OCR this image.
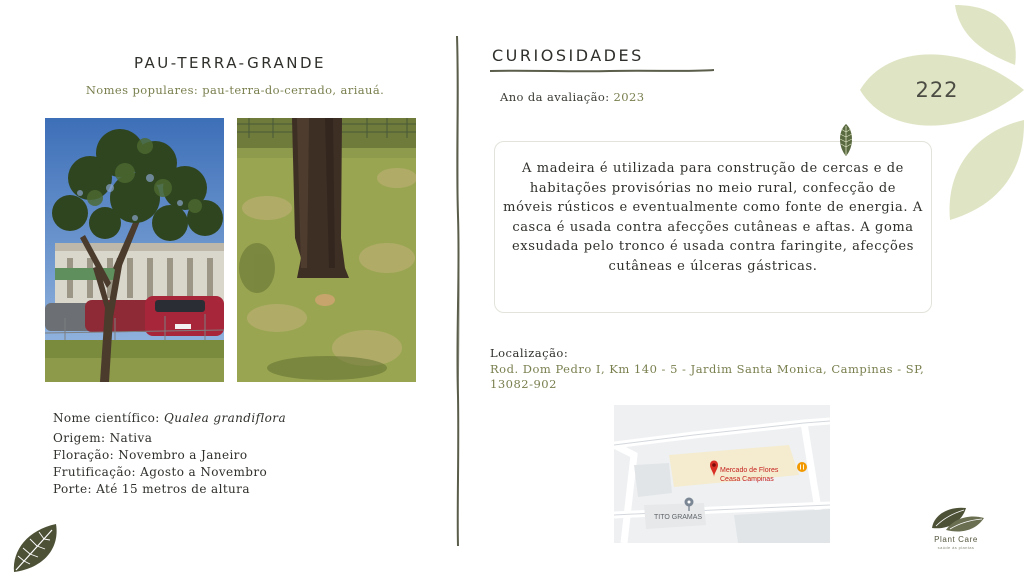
PAU-TERRA-GRANDE
Nomes populares: pau-terra-do-cerrado, ariauá.
Nome científico: Qualea grandiflora
Origem: Nativa
Floração: Novembro a Janeiro
Frutificação: Agosto a Novembro
Porte: Até 15 metros de altura
CURIOSIDADES
Ano da avaliação: 2023
A madeira é utilizada para construção de cercas e de habitações provisórias no meio rural, confecção de móveis rústicos e eventualmente como fonte de energia. A casca é usada contra afecções cutâneas e aftas. A goma exsudada pelo tronco é usada contra faringite, afecções cutâneas e úlceras gástricas.
Localização:
Rod. Dom Pedro I, Km 140 - 5 - Jardim Santa Monica, Campinas - SP, 13082-902
Mercado de Flores
Ceasa Campinas
TITO GRAMAS
222
Plant Care
saúde às plantas
